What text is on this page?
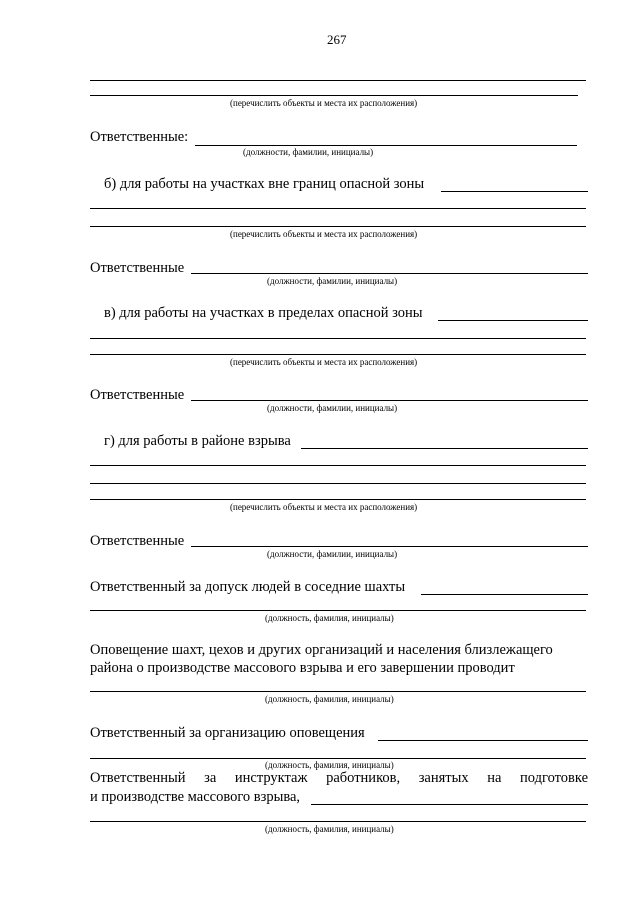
267
(перечислить объекты и места их расположения)
Ответственные:
(должности, фамилии, инициалы)
б) для работы на участках вне границ опасной зоны
(перечислить объекты и места их расположения)
Ответственные
(должности, фамилии, инициалы)
в) для работы на участках в пределах опасной зоны
(перечислить объекты и места их расположения)
Ответственные
(должности, фамилии, инициалы)
г) для работы в районе взрыва
(перечислить объекты и места их расположения)
Ответственные
(должности, фамилии, инициалы)
Ответственный за допуск людей в соседние шахты
(должность, фамилия, инициалы)
Оповещение шахт, цехов и других организаций и населения близлежащего
района о производстве массового взрыва и его завершении проводит
(должность, фамилия, инициалы)
Ответственный за организацию оповещения
(должность, фамилия, инициалы)
Ответственный за инструктаж работников, занятых на подготовке
и производстве массового взрыва,
(должность, фамилия, инициалы)
